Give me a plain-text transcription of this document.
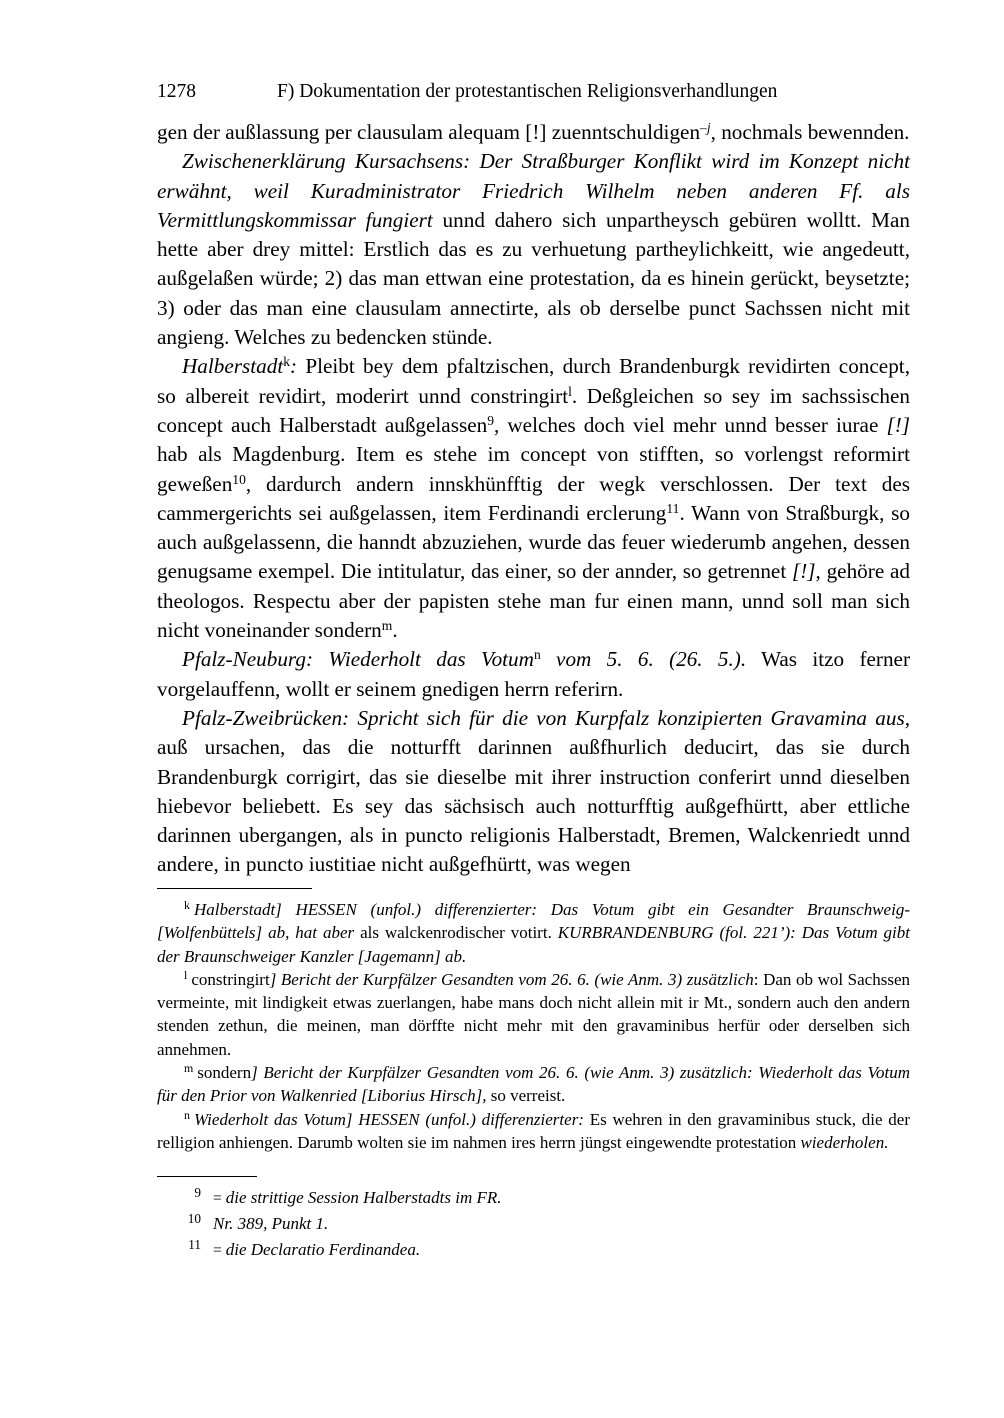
1278	F) Dokumentation der protestantischen Religionsverhandlungen

gen der außlassung per clausulam alequam [!] zuenntschuldigen$^{-j}$, nochmals bewennden.

Zwischenerklärung Kursachsens: Der Straßburger Konflikt wird im Konzept nicht erwähnt, weil Kuradministrator Friedrich Wilhelm neben anderen Ff. als Vermittlungskommissar fungiert unnd dahero sich unpartheysch gebüren wolltt. Man hette aber drey mittel: Erstlich das es zu verhuetung partheylichkeitt, wie angedeutt, außgelaßen würde; 2) das man ettwan eine protestation, da es hinein gerückt, beysetzte; 3) oder das man eine clausulam annectirte, als ob derselbe punct Sachssen nicht mit angieng. Welches zu bedencken stünde.

Halberstadt$^k$: Pleibt bey dem pfaltzischen, durch Brandenburgk revidirten concept, so albereit revidirt, moderirt unnd constringirt$^l$. Deßgleichen so sey im sachssischen concept auch Halberstadt außgelassen$^9$, welches doch viel mehr unnd besser iurae [!] hab als Magdenburg. Item es stehe im concept von stifften, so vorlengst reformirt geweßen$^{10}$, dardurch andern innskhünfftig der wegk verschlossen. Der text des cammergerichts sei außgelassen, item Ferdinandi erclerung$^{11}$. Wann von Straßburgk, so auch außgelassenn, die hanndt abzuziehen, wurde das feuer wiederumb angehen, dessen genugsame exempel. Die intitulatur, das einer, so der annder, so getrennet [!], gehöre ad theologos. Respectu aber der papisten stehe man fur einen mann, unnd soll man sich nicht voneinander sondern$^m$.

Pfalz-Neuburg: Wiederholt das Votum$^n$ vom 5. 6. (26. 5.). Was itzo ferner vorgelauffenn, wollt er seinem gnedigen herrn referirn.

Pfalz-Zweibrücken: Spricht sich für die von Kurpfalz konzipierten Gravamina aus, auß ursachen, das die notturfft darinnen außfhurlich deducirt, das sie durch Brandenburgk corrigirt, das sie dieselbe mit ihrer instruction conferirt unnd dieselben hiebevor beliebett. Es sey das sächsisch auch notturfftig außgefhürtt, aber ettliche darinnen ubergangen, als in puncto religionis Halberstadt, Bremen, Walckenriedt unnd andere, in puncto iustitiae nicht außgefhürtt, was wegen

$^k$ Halberstadt] HESSEN (unfol.) differenzierter: Das Votum gibt ein Gesandter Braunschweig-[Wolfenbüttels] ab, hat aber als walckenrodischer votirt. KURBRANDENBURG (fol. 221’): Das Votum gibt der Braunschweiger Kanzler [Jagemann] ab.

$^l$ constringirt] Bericht der Kurpfälzer Gesandten vom 26. 6. (wie Anm. 3) zusätzlich: Dan ob wol Sachssen vermeinte, mit lindigkeit etwas zuerlangen, habe mans doch nicht allein mit ir Mt., sondern auch den andern stenden zethun, die meinen, man dörffte nicht mehr mit den gravaminibus herfür oder derselben sich annehmen.

$^m$ sondern] Bericht der Kurpfälzer Gesandten vom 26. 6. (wie Anm. 3) zusätzlich: Wiederholt das Votum für den Prior von Walkenried [Liborius Hirsch], so verreist.

$^n$ Wiederholt das Votum] HESSEN (unfol.) differenzierter: Es wehren in den gravaminibus stuck, die der relligion anhiengen. Darumb wolten sie im nahmen ires herrn jüngst eingewendte protestation wiederholen.

9 = die strittige Session Halberstadts im FR.
10 Nr. 389, Punkt 1.
11 = die Declaratio Ferdinandea.
